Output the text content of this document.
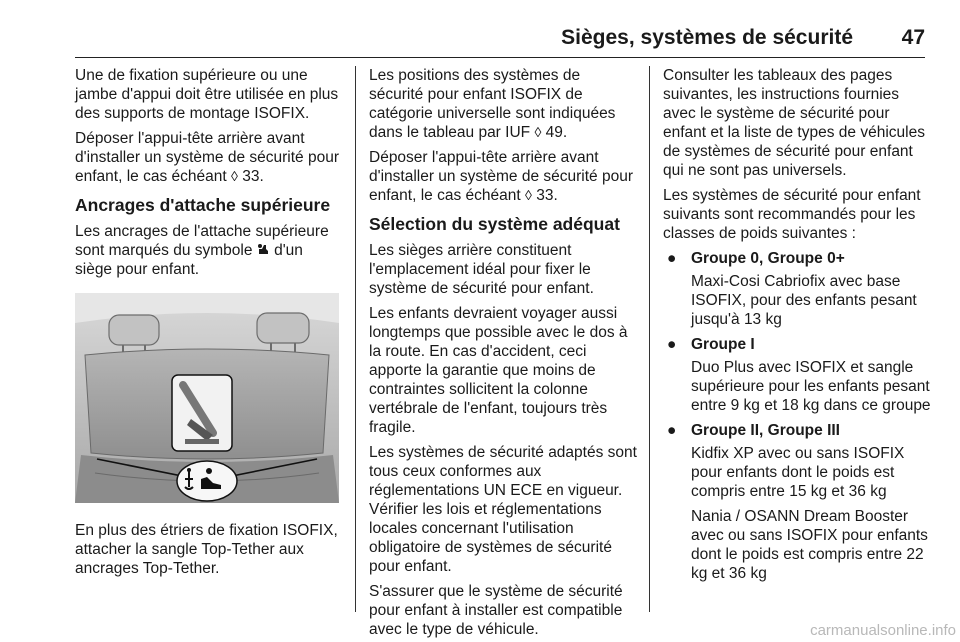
Sièges, systèmes de sécurité 47

Une de fixation supérieure ou une jambe d'appui doit être utilisée en plus des supports de montage ISOFIX.

Déposer l'appui-tête arrière avant d'installer un système de sécurité pour enfant, le cas échéant ◊ 33.

Ancrages d'attache supérieure

Les ancrages de l'attache supérieure sont marqués du symbole  d'un siège pour enfant.

En plus des étriers de fixation ISOFIX, attacher la sangle Top-Tether aux ancrages Top-Tether.

Les positions des systèmes de sécurité pour enfant ISOFIX de catégorie universelle sont indiquées dans le tableau par IUF ◊ 49.

Déposer l'appui-tête arrière avant d'installer un système de sécurité pour enfant, le cas échéant ◊ 33.

Sélection du système adéquat

Les sièges arrière constituent l'emplacement idéal pour fixer le système de sécurité pour enfant.

Les enfants devraient voyager aussi longtemps que possible avec le dos à la route. En cas d'accident, ceci apporte la garantie que moins de contraintes sollicitent la colonne vertébrale de l'enfant, toujours très fragile.

Les systèmes de sécurité adaptés sont tous ceux conformes aux réglementations UN ECE en vigueur. Vérifier les lois et réglementations locales concernant l'utilisation obligatoire de systèmes de sécurité pour enfant.

S'assurer que le système de sécurité pour enfant à installer est compatible avec le type de véhicule.

Consulter les tableaux des pages suivantes, les instructions fournies avec le système de sécurité pour enfant et la liste de types de véhicules de systèmes de sécurité pour enfant qui ne sont pas universels.

Les systèmes de sécurité pour enfant suivants sont recommandés pour les classes de poids suivantes :

● Groupe 0, Groupe 0+
Maxi-Cosi Cabriofix avec base ISOFIX, pour des enfants pesant jusqu'à 13 kg
● Groupe I
Duo Plus avec ISOFIX et sangle supérieure pour les enfants pesant entre 9 kg et 18 kg dans ce groupe
● Groupe II, Groupe III
Kidfix XP avec ou sans ISOFIX pour enfants dont le poids est compris entre 15 kg et 36 kg
Nania / OSANN Dream Booster avec ou sans ISOFIX pour enfants dont le poids est compris entre 22 kg et 36 kg
carmanualsonline.info
